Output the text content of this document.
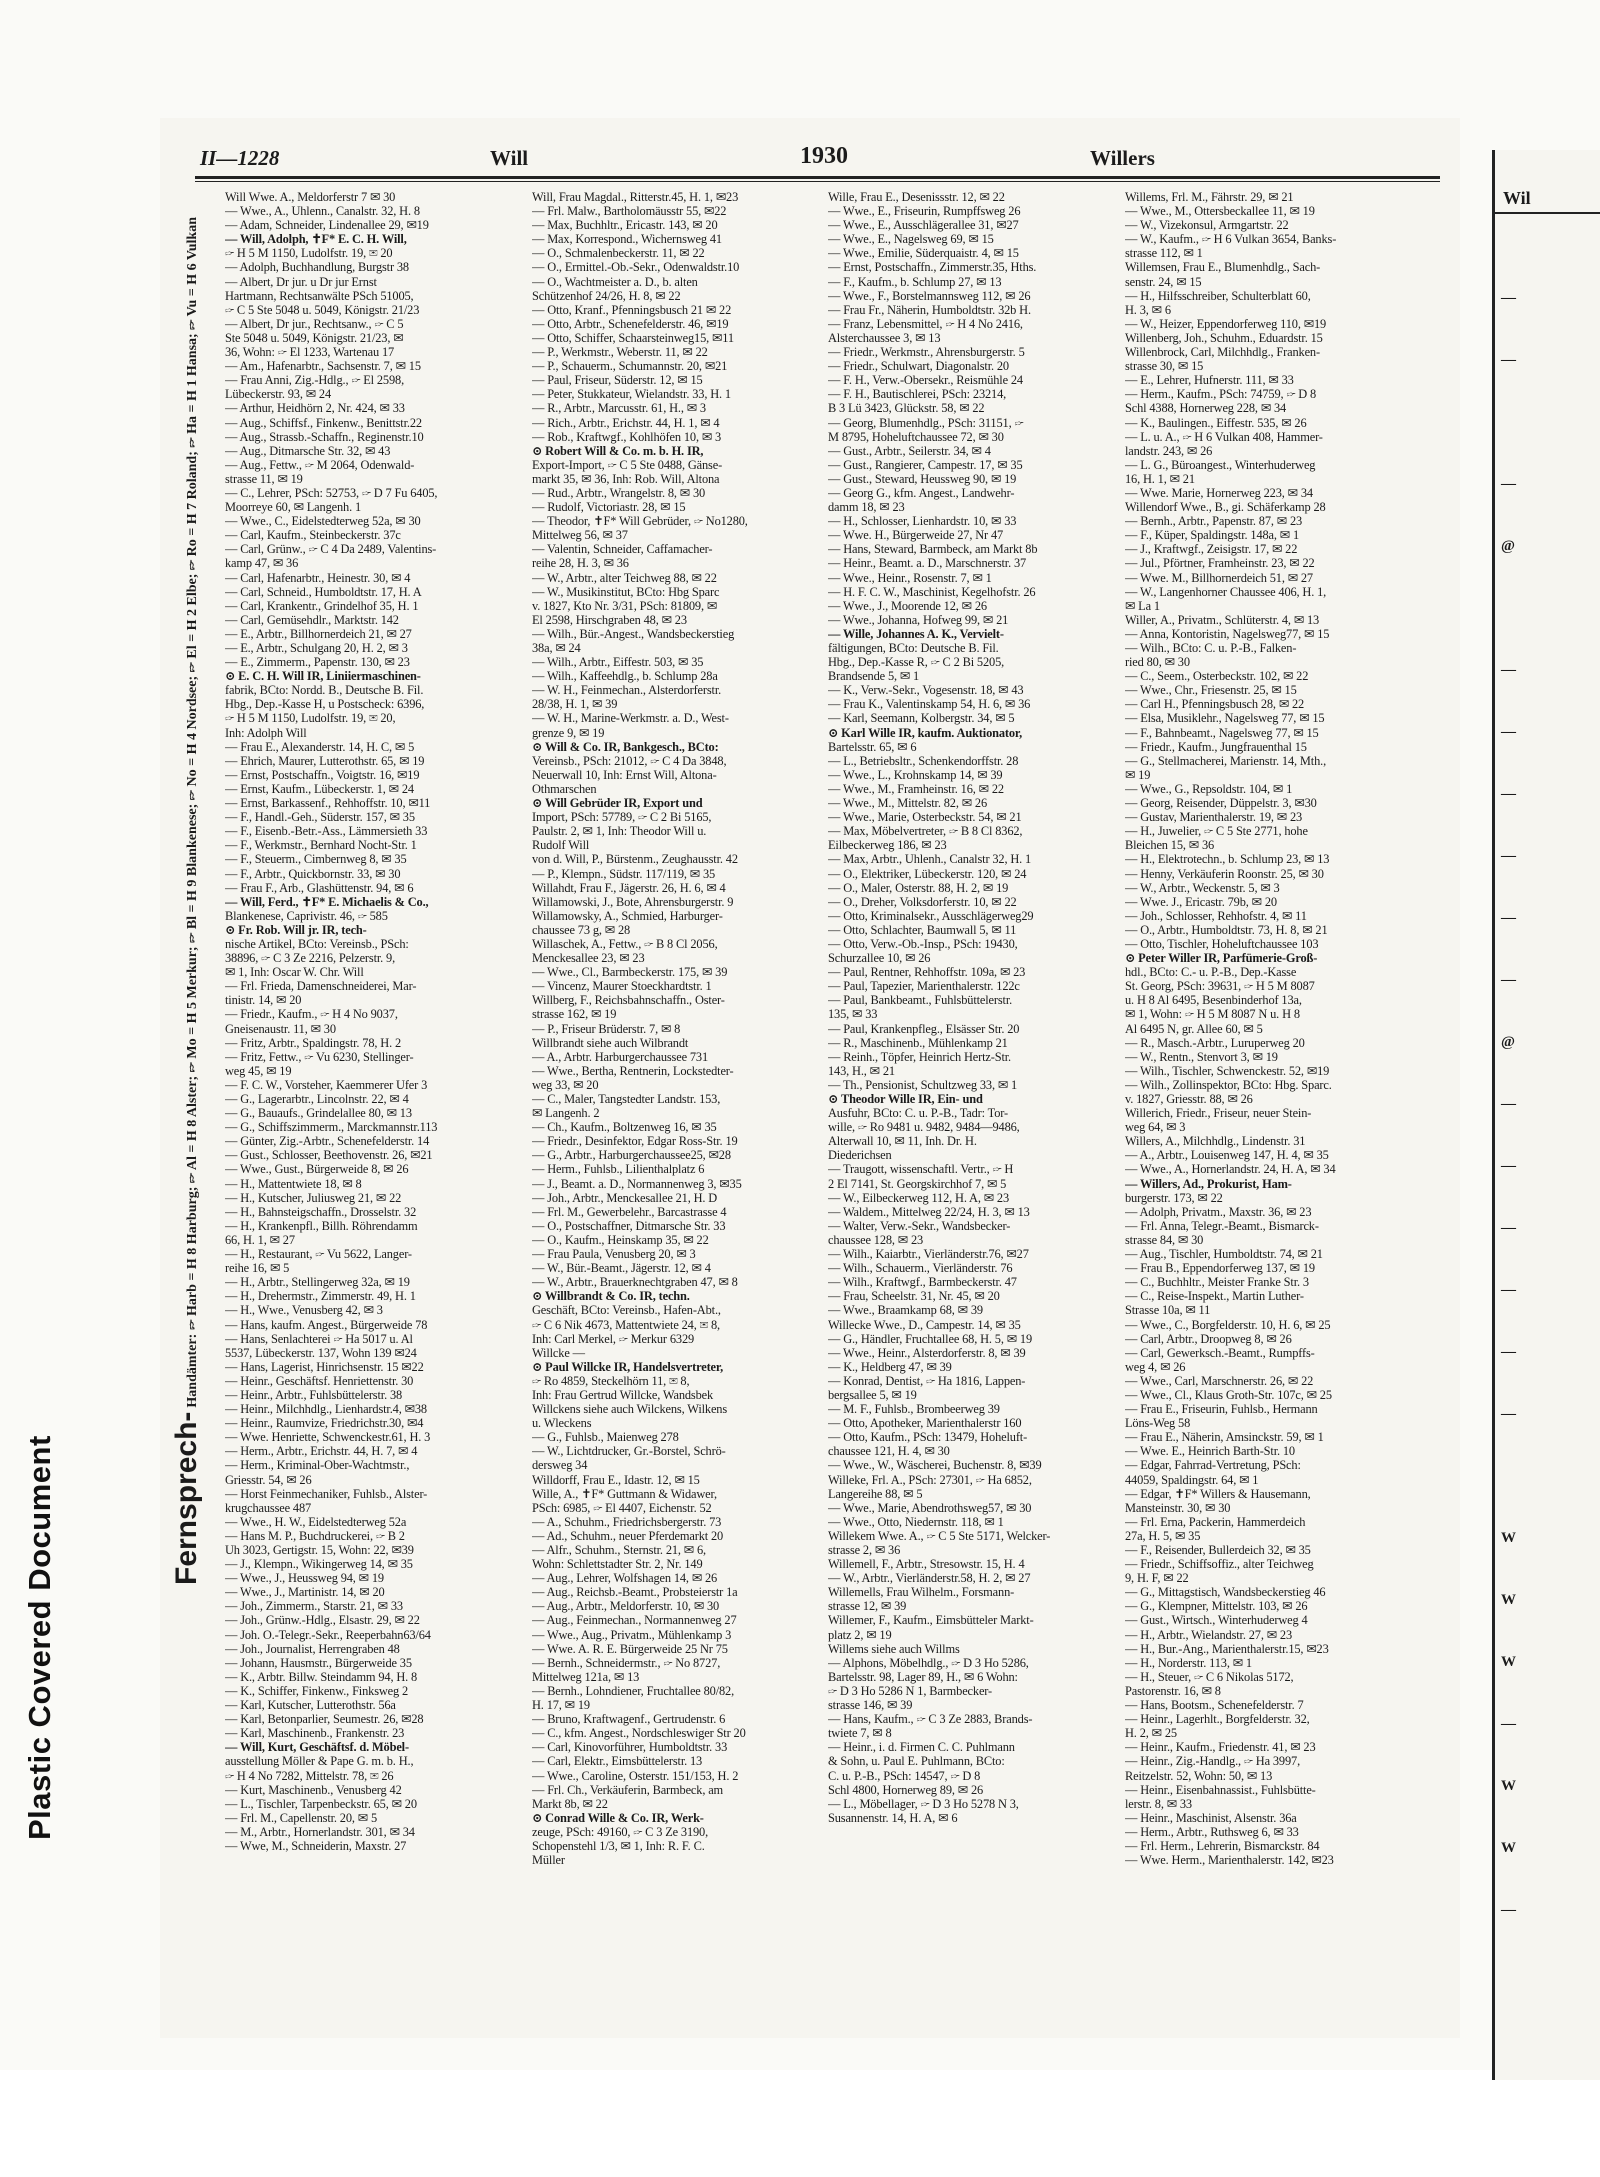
Plastic Covered Document
Wil
—
—
—
@
—
—
—
—
—
—
@
—
—
—
—
—
—
W
W
W
—
W
W
—
II—1228	Will	1930	Willers
Will Wwe. A., Meldorferstr 7 ✉ 30
— Wwe., A., Uhlenn., Canalstr. 32, H. 8
— Adam, Schneider, Lindenallee 29, ✉19
— Will, Adolph, ✝F* E. C. H. Will,
🖙 H 5 M 1150, Ludolfstr. 19, ✉ 20
— Adolph, Buchhandlung, Burgstr 38
— Albert, Dr jur. u Dr jur Ernst
Hartmann, Rechtsanwälte PSch 51005,
🖙 C 5 Ste 5048 u. 5049, Königstr. 21/23
— Albert, Dr jur., Rechtsanw., 🖙 C 5
Ste 5048 u. 5049, Königstr. 21/23, ✉
36, Wohn: 🖙 El 1233, Wartenau 17
— Am., Hafenarbtr., Sachsenstr. 7, ✉ 15
— Frau Anni, Zig.-Hdlg., 🖙 El 2598,
Lübeckerstr. 93, ✉ 24
— Arthur, Heidhörn 2, Nr. 424, ✉ 33
— Aug., Schiffsf., Finkenw., Benittstr.22
— Aug., Strassb.-Schaffn., Reginenstr.10
— Aug., Ditmarsche Str. 32, ✉ 43
— Aug., Fettw., 🖙 M 2064, Odenwald-
strasse 11, ✉ 19
— C., Lehrer, PSch: 52753, 🖙 D 7 Fu 6405,
Moorreye 60, ✉ Langenh. 1
— Wwe., C., Eidelstedterweg 52a, ✉ 30
— Carl, Kaufm., Steinbeckerstr. 37c
— Carl, Grünw., 🖙 C 4 Da 2489, Valentins-
kamp 47, ✉ 36
— Carl, Hafenarbtr., Heinestr. 30, ✉ 4
— Carl, Schneid., Humboldtstr. 17, H. A
— Carl, Krankentr., Grindelhof 35, H. 1
— Carl, Gemüsehdlr., Marktstr. 142
— E., Arbtr., Billhornerdeich 21, ✉ 27
— E., Arbtr., Schulgang 20, H. 2, ✉ 3
— E., Zimmerm., Papenstr. 130, ✉ 23
⊙ E. C. H. Will IR, Liniiermaschinen-
fabrik, BCto: Nordd. B., Deutsche B. Fil.
Hbg., Dep.-Kasse H, u Postscheck: 6396,
🖙 H 5 M 1150, Ludolfstr. 19, ✉ 20,
Inh: Adolph Will
— Frau E., Alexanderstr. 14, H. C, ✉ 5
— Ehrich, Maurer, Lutterothstr. 65, ✉ 19
— Ernst, Postschaffn., Voigtstr. 16, ✉19
— Ernst, Kaufm., Lübeckerstr. 1, ✉ 24
— Ernst, Barkassenf., Rehhoffstr. 10, ✉11
— F., Handl.-Geh., Süderstr. 157, ✉ 35
— F., Eisenb.-Betr.-Ass., Lämmersieth 33
— F., Werkmstr., Bernhard Nocht-Str. 1
— F., Steuerm., Cimbernweg 8, ✉ 35
— F., Arbtr., Quickbornstr. 33, ✉ 30
— Frau F., Arb., Glashüttenstr. 94, ✉ 6
— Will, Ferd., ✝F* E. Michaelis & Co.,
Blankenese, Caprivistr. 46, 🖙 585
⊙ Fr. Rob. Will jr. IR, tech-
nische Artikel, BCto: Vereinsb., PSch:
38896, 🖙 C 3 Ze 2216, Pelzerstr. 9,
✉ 1, Inh: Oscar W. Chr. Will
— Frl. Frieda, Damenschneiderei, Mar-
tinistr. 14, ✉ 20
— Friedr., Kaufm., 🖙 H 4 No 9037,
Gneisenaustr. 11, ✉ 30
— Fritz, Arbtr., Spaldingstr. 78, H. 2
— Fritz, Fettw., 🖙 Vu 6230, Stellinger-
weg 45, ✉ 19
— F. C. W., Vorsteher, Kaemmerer Ufer 3
— G., Lagerarbtr., Lincolnstr. 22, ✉ 4
— G., Bauaufs., Grindelallee 80, ✉ 13
— G., Schiffszimmerm., Marckmannstr.113
— Günter, Zig.-Arbtr., Schenefelderstr. 14
— Gust., Schlosser, Beethovenstr. 26, ✉21
— Wwe., Gust., Bürgerweide 8, ✉ 26
— H., Mattentwiete 18, ✉ 8
— H., Kutscher, Juliusweg 21, ✉ 22
— H., Bahnsteigschaffn., Drosselstr. 32
— H., Krankenpfl., Billh. Röhrendamm
66, H. 1, ✉ 27
— H., Restaurant, 🖙 Vu 5622, Langer-
reihe 16, ✉ 5
— H., Arbtr., Stellingerweg 32a, ✉ 19
— H., Drehermstr., Zimmerstr. 49, H. 1
— H., Wwe., Venusberg 42, ✉ 3
— Hans, kaufm. Angest., Bürgerweide 78
— Hans, Senlachterei 🖙 Ha 5017 u. Al
5537, Lübeckerstr. 137, Wohn 139 ✉24
— Hans, Lagerist, Hinrichsenstr. 15 ✉22
— Heinr., Geschäftsf. Henriettenstr. 30
— Heinr., Arbtr., Fuhlsbüttelerstr. 38
— Heinr., Milchhdlg., Lienhardstr.4, ✉38
— Heinr., Raumvize, Friedrichstr.30, ✉4
— Wwe. Henriette, Schwenckestr.61, H. 3
— Herm., Arbtr., Erichstr. 44, H. 7, ✉ 4
— Herm., Kriminal-Ober-Wachtmstr.,
Griesstr. 54, ✉ 26
— Horst Feinmechaniker, Fuhlsb., Alster-
krugchaussee 487
— Wwe., H. W., Eidelstedterweg 52a
— Hans M. P., Buchdruckerei, 🖙 B 2
Uh 3023, Gertigstr. 15, Wohn: 22, ✉39
— J., Klempn., Wikingerweg 14, ✉ 35
— Wwe., J., Heussweg 94, ✉ 19
— Wwe., J., Martinistr. 14, ✉ 20
— Joh., Zimmerm., Starstr. 21, ✉ 33
— Joh., Grünw.-Hdlg., Elsastr. 29, ✉ 22
— Joh. O.-Telegr.-Sekr., Reeperbahn63/64
— Joh., Journalist, Herrengraben 48
— Johann, Hausmstr., Bürgerweide 35
— K., Arbtr. Billw. Steindamm 94, H. 8
— K., Schiffer, Finkenw., Finksweg 2
— Karl, Kutscher, Lutterothstr. 56a
— Karl, Betonparlier, Seumestr. 26, ✉28
— Karl, Maschinenb., Frankenstr. 23
— Will, Kurt, Geschäftsf. d. Möbel-
ausstellung Möller & Pape G. m. b. H.,
🖙 H 4 No 7282, Mittelstr. 78, ✉ 26
— Kurt, Maschinenb., Venusberg 42
— L., Tischler, Tarpenbeckstr. 65, ✉ 20
— Frl. M., Capellenstr. 20, ✉ 5
— M., Arbtr., Hornerlandstr. 301, ✉ 34
— Wwe, M., Schneiderin, Maxstr. 27
Will, Frau Magdal., Ritterstr.45, H. 1, ✉23
— Frl. Malw., Bartholomäusstr 55, ✉22
— Max, Buchhltr., Ericastr. 143, ✉ 20
— Max, Korrespond., Wichernsweg 41
— O., Schmalenbeckerstr. 11, ✉ 22
— O., Ermittel.-Ob.-Sekr., Odenwaldstr.10
— O., Wachtmeister a. D., b. alten
Schützenhof 24/26, H. 8, ✉ 22
— Otto, Kranf., Pfenningsbusch 21 ✉ 22
— Otto, Arbtr., Schenefelderstr. 46, ✉19
— Otto, Schiffer, Schaarsteinweg15, ✉11
— P., Werkmstr., Weberstr. 11, ✉ 22
— P., Schauerm., Schumannstr. 20, ✉21
— Paul, Friseur, Süderstr. 12, ✉ 15
— Peter, Stukkateur, Wielandstr. 33, H. 1
— R., Arbtr., Marcusstr. 61, H., ✉ 3
— Rich., Arbtr., Erichstr. 44, H. 1, ✉ 4
— Rob., Kraftwgf., Kohlhöfen 10, ✉ 3
⊙ Robert Will & Co. m. b. H. IR,
Export-Import, 🖙 C 5 Ste 0488, Gänse-
markt 35, ✉ 36, Inh: Rob. Will, Altona
— Rud., Arbtr., Wrangelstr. 8, ✉ 30
— Rudolf, Victoriastr. 28, ✉ 15
— Theodor, ✝F* Will Gebrüder, 🖙 No1280,
Mittelweg 56, ✉ 37
— Valentin, Schneider, Caffamacher-
reihe 28, H. 3, ✉ 36
— W., Arbtr., alter Teichweg 88, ✉ 22
— W., Musikinstitut, BCto: Hbg Sparc
v. 1827, Kto Nr. 3/31, PSch: 81809, ✉
El 2598, Hirschgraben 48, ✉ 23
— Wilh., Bür.-Angest., Wandsbeckerstieg
38a, ✉ 24
— Wilh., Arbtr., Eiffestr. 503, ✉ 35
— Wilh., Kaffeehdlg., b. Schlump 28a
— W. H., Feinmechan., Alsterdorferstr.
28/38, H. 1, ✉ 39
— W. H., Marine-Werkmstr. a. D., West-
grenze 9, ✉ 19
⊙ Will & Co. IR, Bankgesch., BCto:
Vereinsb., PSch: 21012, 🖙 C 4 Da 3848,
Neuerwall 10, Inh: Ernst Will, Altona-
Othmarschen
⊙ Will Gebrüder IR, Export und
Import, PSch: 57789, 🖙 C 2 Bi 5165,
Paulstr. 2, ✉ 1, Inh: Theodor Will u.
Rudolf Will
von d. Will, P., Bürstenm., Zeughausstr. 42
— P., Klempn., Südstr. 117/119, ✉ 35
Willahdt, Frau F., Jägerstr. 26, H. 6, ✉ 4
Willamowski, J., Bote, Ahrensburgerstr. 9
Willamowsky, A., Schmied, Harburger-
chaussee 73 g, ✉ 28
Willaschek, A., Fettw., 🖙 B 8 Cl 2056,
Menckesallee 23, ✉ 23
— Wwe., Cl., Barmbeckerstr. 175, ✉ 39
— Vincenz, Maurer Stoeckhardtstr. 1
Willberg, F., Reichsbahnschaffn., Oster-
strasse 162, ✉ 19
— P., Friseur Brüderstr. 7, ✉ 8
Willbrandt siehe auch Wilbrandt
— A., Arbtr. Harburgerchaussee 731
— Wwe., Bertha, Rentnerin, Lockstedter-
weg 33, ✉ 20
— C., Maler, Tangstedter Landstr. 153,
✉ Langenh. 2
— Ch., Kaufm., Boltzenweg 16, ✉ 35
— Friedr., Desinfektor, Edgar Ross-Str. 19
— G., Arbtr., Harburgerchaussee25, ✉28
— Herm., Fuhlsb., Lilienthalplatz 6
— J., Beamt. a. D., Normannenweg 3, ✉35
— Joh., Arbtr., Menckesallee 21, H. D
— Frl. M., Gewerbelehr., Barcastrasse 4
— O., Postschaffner, Ditmarsche Str. 33
— O., Kaufm., Heinskamp 35, ✉ 22
— Frau Paula, Venusberg 20, ✉ 3
— W., Bür.-Beamt., Jägerstr. 12, ✉ 4
— W., Arbtr., Brauerknechtgraben 47, ✉ 8
⊙ Willbrandt & Co. IR, techn.
Geschäft, BCto: Vereinsb., Hafen-Abt.,
🖙 C 6 Nik 4673, Mattentwiete 24, ✉ 8,
Inh: Carl Merkel, 🖙 Merkur 6329
Willcke —
⊙ Paul Willcke IR, Handelsvertreter,
🖙 Ro 4859, Steckelhörn 11, ✉ 8,
Inh: Frau Gertrud Willcke, Wandsbek
Willckens siehe auch Wilckens, Wilkens
u. Wleckens
— G., Fuhlsb., Maienweg 278
— W., Lichtdrucker, Gr.-Borstel, Schrö-
dersweg 34
Willdorff, Frau E., Idastr. 12, ✉ 15
Wille, A., ✝F* Guttmann & Widawer,
PSch: 6985, 🖙 El 4407, Eichenstr. 52
— A., Schuhm., Friedrichsbergerstr. 73
— Ad., Schuhm., neuer Pferdemarkt 20
— Alfr., Schuhm., Sternstr. 21, ✉ 6,
Wohn: Schlettstadter Str. 2, Nr. 149
— Aug., Lehrer, Wolfshagen 14, ✉ 26
— Aug., Reichsb.-Beamt., Probsteierstr 1a
— Aug., Arbtr., Meldorferstr. 10, ✉ 30
— Aug., Feinmechan., Normannenweg 27
— Wwe., Aug., Privatm., Mühlenkamp 3
— Wwe. A. R. E. Bürgerweide 25 Nr 75
— Bernh., Schneidermstr., 🖙 No 8727,
Mittelweg 121a, ✉ 13
— Bernh., Lohndiener, Fruchtallee 80/82,
H. 17, ✉ 19
— Bruno, Kraftwagenf., Gertrudenstr. 6
— C., kfm. Angest., Nordschleswiger Str 20
— Carl, Kinovorführer, Humboldtstr. 33
— Carl, Elektr., Eimsbüttelerstr. 13
— Wwe., Caroline, Osterstr. 151/153, H. 2
— Frl. Ch., Verkäuferin, Barmbeck, am
Markt 8b, ✉ 22
⊙ Conrad Wille & Co. IR, Werk-
zeuge, PSch: 49160, 🖙 C 3 Ze 3190,
Schopenstehl 1/3, ✉ 1, Inh: R. F. C.
Müller
Wille, Frau E., Desenissstr. 12, ✉ 22
— Wwe., E., Friseurin, Rumpffsweg 26
— Wwe., E., Ausschlägerallee 31, ✉27
— Wwe., E., Nagelsweg 69, ✉ 15
— Wwe., Emilie, Süderquaistr. 4, ✉ 15
— Ernst, Postschaffn., Zimmerstr.35, Hths.
— F., Kaufm., b. Schlump 27, ✉ 13
— Wwe., F., Borstelmannsweg 112, ✉ 26
— Frau Fr., Näherin, Humboldtstr. 32b H.
— Franz, Lebensmittel, 🖙 H 4 No 2416,
Alsterchaussee 3, ✉ 13
— Friedr., Werkmstr., Ahrensburgerstr. 5
— Friedr., Schulwart, Diagonalstr. 20
— F. H., Verw.-Obersekr., Reismühle 24
— F. H., Bautischlerei, PSch: 23214,
B 3 Lü 3423, Glückstr. 58, ✉ 22
— Georg, Blumenhdlg., PSch: 31151, 🖙
M 8795, Hoheluftchaussee 72, ✉ 30
— Gust., Arbtr., Seilerstr. 34, ✉ 4
— Gust., Rangierer, Campestr. 17, ✉ 35
— Gust., Steward, Heussweg 90, ✉ 19
— Georg G., kfm. Angest., Landwehr-
damm 18, ✉ 23
— H., Schlosser, Lienhardstr. 10, ✉ 33
— Wwe. H., Bürgerweide 27, Nr 47
— Hans, Steward, Barmbeck, am Markt 8b
— Heinr., Beamt. a. D., Marschnerstr. 37
— Wwe., Heinr., Rosenstr. 7, ✉ 1
— H. F. C. W., Maschinist, Kegelhofstr. 26
— Wwe., J., Moorende 12, ✉ 26
— Wwe., Johanna, Hofweg 99, ✉ 21
— Wille, Johannes A. K., Vervielt-
fältigungen, BCto: Deutsche B. Fil.
Hbg., Dep.-Kasse R, 🖙 C 2 Bi 5205,
Brandsende 5, ✉ 1
— K., Verw.-Sekr., Vogesenstr. 18, ✉ 43
— Frau K., Valentinskamp 54, H. 6, ✉ 36
— Karl, Seemann, Kolbergstr. 34, ✉ 5
⊙ Karl Wille IR, kaufm. Auktionator,
Bartelsstr. 65, ✉ 6
— L., Betriebsltr., Schenkendorffstr. 28
— Wwe., L., Krohnskamp 14, ✉ 39
— Wwe., M., Framheinstr. 16, ✉ 22
— Wwe., M., Mittelstr. 82, ✉ 26
— Wwe., Marie, Osterbeckstr. 54, ✉ 21
— Max, Möbelvertreter, 🖙 B 8 Cl 8362,
Eilbeckerweg 186, ✉ 23
— Max, Arbtr., Uhlenh., Canalstr 32, H. 1
— O., Elektriker, Lübeckerstr. 120, ✉ 24
— O., Maler, Osterstr. 88, H. 2, ✉ 19
— O., Dreher, Volksdorferstr. 10, ✉ 22
— Otto, Kriminalsekr., Ausschlägerweg29
— Otto, Schlachter, Baumwall 5, ✉ 11
— Otto, Verw.-Ob.-Insp., PSch: 19430,
Schurzallee 10, ✉ 26
— Paul, Rentner, Rehhoffstr. 109a, ✉ 23
— Paul, Tapezier, Marienthalerstr. 122c
— Paul, Bankbeamt., Fuhlsbüttelerstr.
135, ✉ 33
— Paul, Krankenpfleg., Elsässer Str. 20
— R., Maschinenb., Mühlenkamp 21
— Reinh., Töpfer, Heinrich Hertz-Str.
143, H., ✉ 21
— Th., Pensionist, Schultzweg 33, ✉ 1
⊙ Theodor Wille IR, Ein- und
Ausfuhr, BCto: C. u. P.-B., Tadr: Tor-
wille, 🖙 Ro 9481 u. 9482, 9484—9486,
Alterwall 10, ✉ 11, Inh. Dr. H.
Diederichsen
— Traugott, wissenschaftl. Vertr., 🖙 H
2 El 7141, St. Georgskirchhof 7, ✉ 5
— W., Eilbeckerweg 112, H. A, ✉ 23
— Waldem., Mittelweg 22/24, H. 3, ✉ 13
— Walter, Verw.-Sekr., Wandsbecker-
chaussee 128, ✉ 23
— Wilh., Kaiarbtr., Vierländerstr.76, ✉27
— Wilh., Schauerm., Vierländerstr. 76
— Wilh., Kraftwgf., Barmbeckerstr. 47
— Frau, Scheelstr. 31, Nr. 45, ✉ 20
— Wwe., Braamkamp 68, ✉ 39
Willecke Wwe., D., Campestr. 14, ✉ 35
— G., Händler, Fruchtallee 68, H. 5, ✉ 19
— Wwe., Heinr., Alsterdorferstr. 8, ✉ 39
— K., Heldberg 47, ✉ 39
— Konrad, Dentist, 🖙 Ha 1816, Lappen-
bergsallee 5, ✉ 19
— M. F., Fuhlsb., Brombeerweg 39
— Otto, Apotheker, Marienthalerstr 160
— Otto, Kaufm., PSch: 13479, Hoheluft-
chaussee 121, H. 4, ✉ 30
— Wwe., W., Wäscherei, Buchenstr. 8, ✉39
Willeke, Frl. A., PSch: 27301, 🖙 Ha 6852,
Langereihe 88, ✉ 5
— Wwe., Marie, Abendrothsweg57, ✉ 30
— Wwe., Otto, Niedernstr. 118, ✉ 1
Willekem Wwe. A., 🖙 C 5 Ste 5171, Welcker-
strasse 2, ✉ 36
Willemell, F., Arbtr., Stresowstr. 15, H. 4
— W., Arbtr., Vierländerstr.58, H. 2, ✉ 27
Willemells, Frau Wilhelm., Forsmann-
strasse 12, ✉ 39
Willemer, F., Kaufm., Eimsbütteler Markt-
platz 2, ✉ 19
Willems siehe auch Willms
— Alphons, Möbelhdlg., 🖙 D 3 Ho 5286,
Bartelsstr. 98, Lager 89, H., ✉ 6 Wohn:
🖙 D 3 Ho 5286 N 1, Barmbecker-
strasse 146, ✉ 39
— Hans, Kaufm., 🖙 C 3 Ze 2883, Brands-
twiete 7, ✉ 8
— Heinr., i. d. Firmen C. C. Puhlmann
& Sohn, u. Paul E. Puhlmann, BCto:
C. u. P.-B., PSch: 14547, 🖙 D 8
Schl 4800, Hornerweg 89, ✉ 26
— L., Möbellager, 🖙 D 3 Ho 5278 N 3,
Susannenstr. 14, H. A, ✉ 6
Willems, Frl. M., Fährstr. 29, ✉ 21
— Wwe., M., Ottersbeckallee 11, ✉ 19
— W., Vizekonsul, Armgartstr. 22
— W., Kaufm., 🖙 H 6 Vulkan 3654, Banks-
strasse 112, ✉ 1
Willemsen, Frau E., Blumenhdlg., Sach-
senstr. 24, ✉ 15
— H., Hilfsschreiber, Schulterblatt 60,
H. 3, ✉ 6
— W., Heizer, Eppendorferweg 110, ✉19
Willenberg, Joh., Schuhm., Eduardstr. 15
Willenbrock, Carl, Milchhdlg., Franken-
strasse 30, ✉ 15
— E., Lehrer, Hufnerstr. 111, ✉ 33
— Herm., Kaufm., PSch: 74759, 🖙 D 8
Schl 4388, Hornerweg 228, ✉ 34
— K., Baulingen., Eiffestr. 535, ✉ 26
— L. u. A., 🖙 H 6 Vulkan 408, Hammer-
landstr. 243, ✉ 26
— L. G., Büroangest., Winterhuderweg
16, H. 1, ✉ 21
— Wwe. Marie, Hornerweg 223, ✉ 34
Willendorf Wwe., B., gi. Schäferkamp 28
— Bernh., Arbtr., Papenstr. 87, ✉ 23
— F., Küper, Spaldingstr. 148a, ✉ 1
— J., Kraftwgf., Zeisigstr. 17, ✉ 22
— Jul., Pförtner, Framheinstr. 23, ✉ 22
— Wwe. M., Billhornerdeich 51, ✉ 27
— W., Langenhorner Chaussee 406, H. 1,
✉ La 1
Willer, A., Privatm., Schlüterstr. 4, ✉ 13
— Anna, Kontoristin, Nagelsweg77, ✉ 15
— Wilh., BCto: C. u. P.-B., Falken-
ried 80, ✉ 30
— C., Seem., Osterbeckstr. 102, ✉ 22
— Wwe., Chr., Friesenstr. 25, ✉ 15
— Carl H., Pfenningsbusch 28, ✉ 22
— Elsa, Musiklehr., Nagelsweg 77, ✉ 15
— F., Bahnbeamt., Nagelsweg 77, ✉ 15
— Friedr., Kaufm., Jungfrauenthal 15
— G., Stellmacherei, Marienstr. 14, Mth.,
✉ 19
— Wwe., G., Repsoldstr. 104, ✉ 1
— Georg, Reisender, Düppelstr. 3, ✉30
— Gustav, Marienthalerstr. 19, ✉ 23
— H., Juwelier, 🖙 C 5 Ste 2771, hohe
Bleichen 15, ✉ 36
— H., Elektrotechn., b. Schlump 23, ✉ 13
— Henny, Verkäuferin Roonstr. 25, ✉ 30
— W., Arbtr., Weckenstr. 5, ✉ 3
— Wwe. J., Ericastr. 79b, ✉ 20
— Joh., Schlosser, Rehhofstr. 4, ✉ 11
— O., Arbtr., Humboldtstr. 73, H. 8, ✉ 21
— Otto, Tischler, Hoheluftchaussee 103
⊙ Peter Willer IR, Parfümerie-Groß-
hdl., BCto: C.- u. P.-B., Dep.-Kasse
St. Georg, PSch: 39631, 🖙 H 5 M 8087
u. H 8 Al 6495, Besenbinderhof 13a,
✉ 1, Wohn: 🖙 H 5 M 8087 N u. H 8
Al 6495 N, gr. Allee 60, ✉ 5
— R., Masch.-Arbtr., Luruperweg 20
— W., Rentn., Stenvort 3, ✉ 19
— Wilh., Tischler, Schwenckestr. 52, ✉19
— Wilh., Zollinspektor, BCto: Hbg. Sparc.
v. 1827, Griesstr. 88, ✉ 26
Willerich, Friedr., Friseur, neuer Stein-
weg 64, ✉ 3
Willers, A., Milchhdlg., Lindenstr. 31
— A., Arbtr., Louisenweg 147, H. 4, ✉ 35
— Wwe., A., Hornerlandstr. 24, H. A, ✉ 34
— Willers, Ad., Prokurist, Ham-
burgerstr. 173, ✉ 22
— Adolph, Privatm., Maxstr. 36, ✉ 23
— Frl. Anna, Telegr.-Beamt., Bismarck-
strasse 84, ✉ 30
— Aug., Tischler, Humboldtstr. 74, ✉ 21
— Frau B., Eppendorferweg 137, ✉ 19
— C., Buchhltr., Meister Franke Str. 3
— C., Reise-Inspekt., Martin Luther-
Strasse 10a, ✉ 11
— Wwe., C., Borgfelderstr. 10, H. 6, ✉ 25
— Carl, Arbtr., Droopweg 8, ✉ 26
— Carl, Gewerksch.-Beamt., Rumpffs-
weg 4, ✉ 26
— Wwe., Carl, Marschnerstr. 26, ✉ 22
— Wwe., Cl., Klaus Groth-Str. 107c, ✉ 25
— Frau E., Friseurin, Fuhlsb., Hermann
Löns-Weg 58
— Frau E., Näherin, Amsinckstr. 59, ✉ 1
— Wwe. E., Heinrich Barth-Str. 10
— Edgar, Fahrrad-Vertretung, PSch:
44059, Spaldingstr. 64, ✉ 1
— Edgar, ✝F* Willers & Hausemann,
Mansteinstr. 30, ✉ 30
— Frl. Erna, Packerin, Hammerdeich
27a, H. 5, ✉ 35
— F., Reisender, Bullerdeich 32, ✉ 35
— Friedr., Schiffsoffiz., alter Teichweg
9, H. F, ✉ 22
— G., Mittagstisch, Wandsbeckerstieg 46
— G., Klempner, Mittelstr. 103, ✉ 26
— Gust., Wirtsch., Winterhuderweg 4
— H., Arbtr., Wielandstr. 27, ✉ 23
— H., Bur.-Ang., Marienthalerstr.15, ✉23
— H., Norderstr. 113, ✉ 1
— H., Steuer, 🖙 C 6 Nikolas 5172,
Pastorenstr. 16, ✉ 8
— Hans, Bootsm., Schenefelderstr. 7
— Heinr., Lagerhlt., Borgfelderstr. 32,
H. 2, ✉ 25
— Heinr., Kaufm., Friedenstr. 41, ✉ 23
— Heinr., Zig.-Handlg., 🖙 Ha 3997,
Reitzelstr. 52, Wohn: 50, ✉ 13
— Heinr., Eisenbahnassist., Fuhlsbütte-
lerstr. 8, ✉ 33
— Heinr., Maschinist, Alsenstr. 36a
— Herm., Arbtr., Ruthsweg 6, ✉ 33
— Frl. Herm., Lehrerin, Bismarckstr. 84
— Wwe. Herm., Marienthalerstr. 142, ✉23
Fernsprech- Handämter: 🖙 Harb = H 8 Harburg; 🖙 Al = H 8 Alster; 🖙 Mo = H 5 Merkur; 🖙 Bl = H 9 Blankenese; 🖙 No = H 4 Nordsee; 🖙 El = H 2 Elbe; 🖙 Ro = H 7 Roland; 🖙 Ha = H 1 Hansa; 🖙 Vu = H 6 Vulkan
